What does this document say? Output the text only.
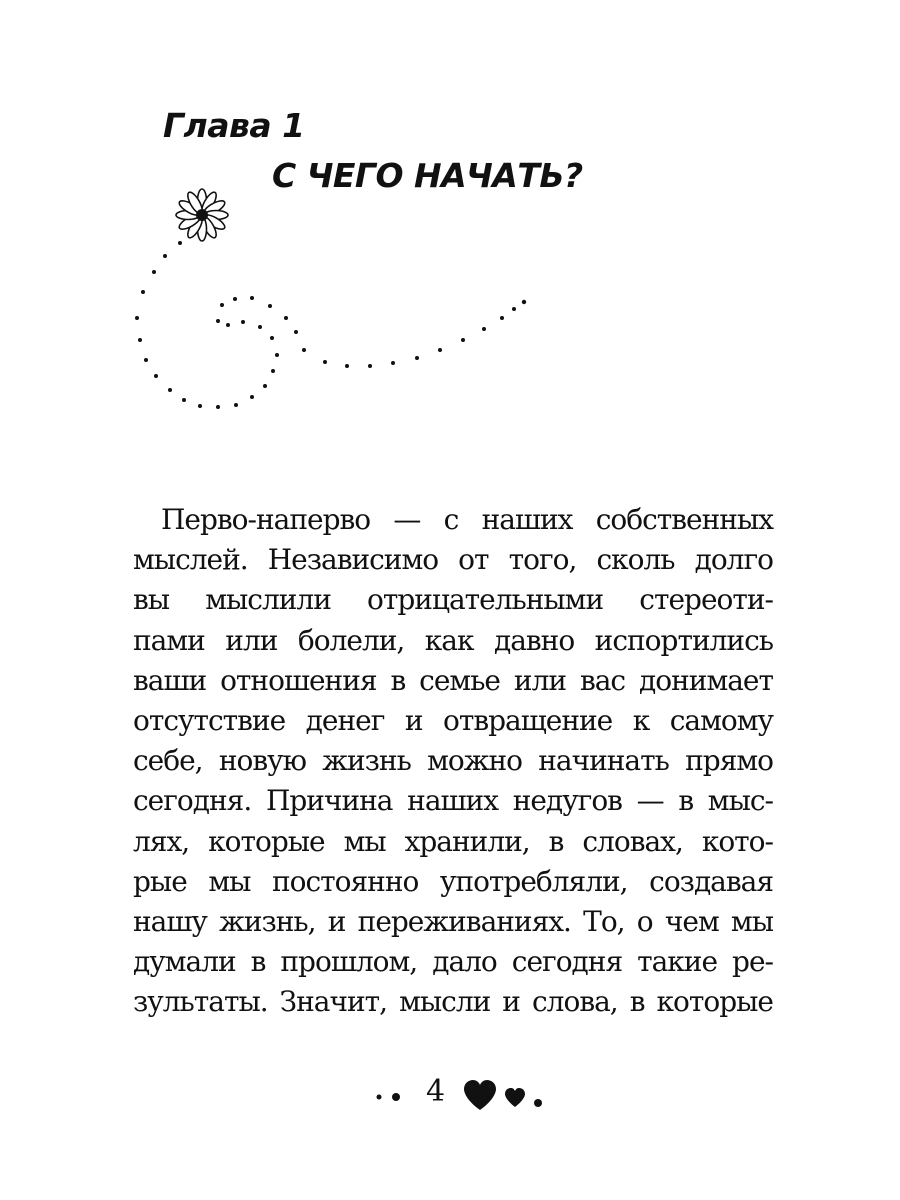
Глава 1
С ЧЕГО НАЧАТЬ?
Перво-наперво — с наших собственных
мыслей. Независимо от того, сколь долго
вы мыслили отрицательными стереоти-
пами или болели, как давно испортились
ваши отношения в семье или вас донимает
отсутствие денег и отвращение к самому
себе, новую жизнь можно начинать прямо
сегодня. Причина наших недугов — в мыс-
лях, которые мы хранили, в словах, кото-
рые мы постоянно употребляли, создавая
нашу жизнь, и переживаниях. То, о чем мы
думали в прошлом, дало сегодня такие ре-
зультаты. Значит, мысли и слова, в которые
4
